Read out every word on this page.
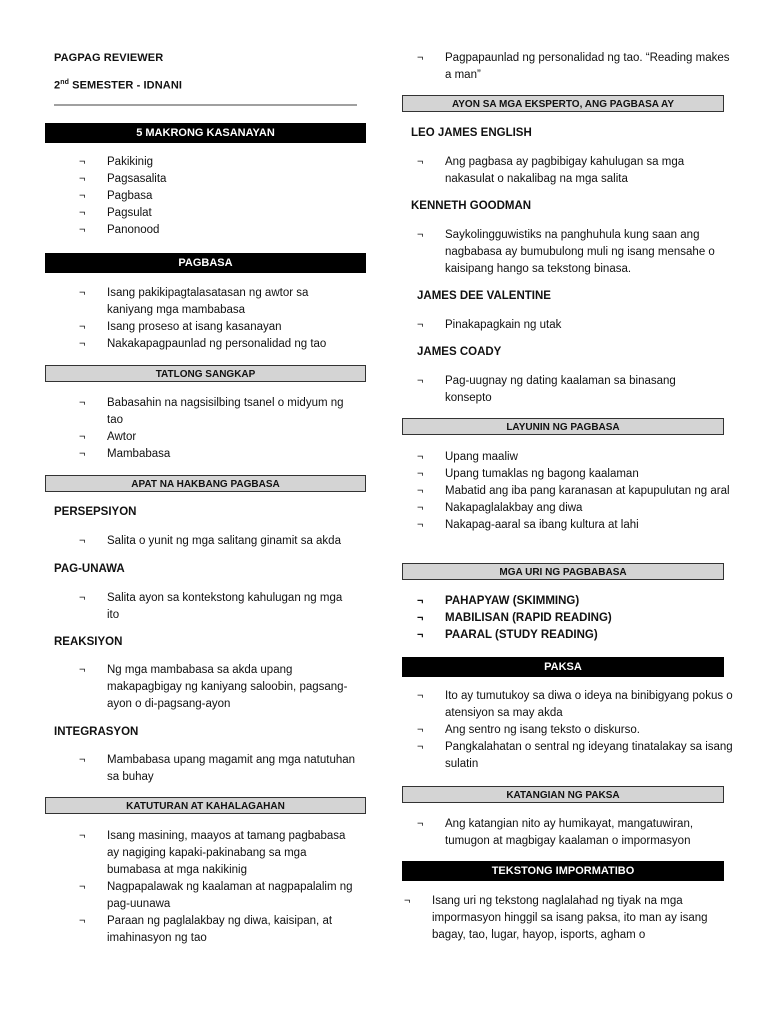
PAGPAG REVIEWER
2nd SEMESTER - IDNANI
5 MAKRONG KASANAYAN
¬ Pakikinig
¬ Pagsasalita
¬ Pagbasa
¬ Pagsulat
¬ Panonood
PAGBASA
¬ Isang pakikipagtalasatasan ng awtor sa kaniyang mga mambabasa
¬ Isang proseso at isang kasanayan
¬ Nakakapagpaunlad ng personalidad ng tao
TATLONG SANGKAP
¬ Babasahin na nagsisilbing tsanel o midyum ng tao
¬ Awtor
¬ Mambabasa
APAT NA HAKBANG PAGBASA
PERSEPSIYON
¬ Salita o yunit ng mga salitang ginamit sa akda
PAG-UNAWA
¬ Salita ayon sa kontekstong kahulugan ng mga ito
REAKSIYON
¬ Ng mga mambabasa sa akda upang makapagbigay ng kaniyang saloobin, pagsang-ayon o di-pagsang-ayon
INTEGRASYON
¬ Mambabasa upang magamit ang mga natutuhan sa buhay
KATUTURAN AT KAHALAGAHAN
¬ Isang masining, maayos at tamang pagbabasa ay nagiging kapaki-pakinabang sa mga bumabasa at mga nakikinig
¬ Nagpapalawak ng kaalaman at nagpapalalim ng pag-uunawa
¬ Paraan ng paglalakbay ng diwa, kaisipan, at imahinasyon ng tao
¬ Pagpapaunlad ng personalidad ng tao. “Reading makes a man”
AYON SA MGA EKSPERTO, ANG PAGBASA AY
LEO JAMES ENGLISH
¬ Ang pagbasa ay pagbibigay kahulugan sa mga nakasulat o nakalibag na mga salita
KENNETH GOODMAN
¬ Saykolingguwistiks na panghuhula kung saan ang nagbabasa ay bumubulong muli ng isang mensahe o kaisipang hango sa tekstong binasa.
JAMES DEE VALENTINE
¬ Pinakapagkain ng utak
JAMES COADY
¬ Pag-uugnay ng dating kaalaman sa binasang konsepto
LAYUNIN NG PAGBASA
¬ Upang maaliw
¬ Upang tumaklas ng bagong kaalaman
¬ Mabatid ang iba pang karanasan at kapupulutan ng aral
¬ Nakapaglalakbay ang diwa
¬ Nakapag-aaral sa ibang kultura at lahi
MGA URI NG PAGBABASA
¬ PAHAPYAW (SKIMMING)
¬ MABILISAN (RAPID READING)
¬ PAARAL (STUDY READING)
PAKSA
¬ Ito ay tumutukoy sa diwa o ideya na binibigyang pokus o atensiyon sa may akda
¬ Ang sentro ng isang teksto o diskurso.
¬ Pangkalahatan o sentral ng ideyang tinatalakay sa isang sulatin
KATANGIAN NG PAKSA
¬ Ang katangian nito ay humikayat, mangatuwiran, tumugon at magbigay kaalaman o impormasyon
TEKSTONG IMPORMATIBO
¬ Isang uri ng tekstong naglalahad ng tiyak na mga impormasyon hinggil sa isang paksa, ito man ay isang bagay, tao, lugar, hayop, isports, agham o
